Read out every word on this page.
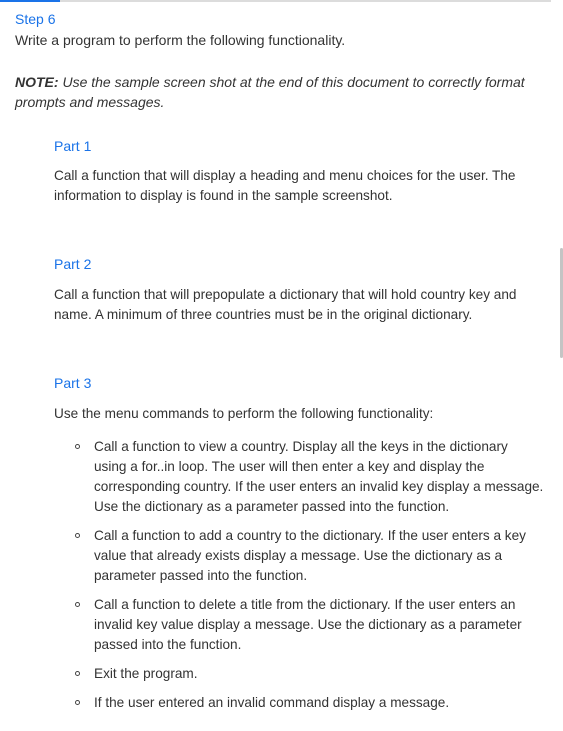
Step 6
Write a program to perform the following functionality.
NOTE: Use the sample screen shot at the end of this document to correctly format prompts and messages.
Part 1
Call a function that will display a heading and menu choices for the user. The information to display is found in the sample screenshot.
Part 2
Call a function that will prepopulate a dictionary that will hold country key and name. A minimum of three countries must be in the original dictionary.
Part 3
Use the menu commands to perform the following functionality:
Call a function to view a country. Display all the keys in the dictionary using a for..in loop. The user will then enter a key and display the corresponding country. If the user enters an invalid key display a message. Use the dictionary as a parameter passed into the function.
Call a function to add a country to the dictionary. If the user enters a key value that already exists display a message. Use the dictionary as a parameter passed into the function.
Call a function to delete a title from the dictionary. If the user enters an invalid key value display a message. Use the dictionary as a parameter passed into the function.
Exit the program.
If the user entered an invalid command display a message.
